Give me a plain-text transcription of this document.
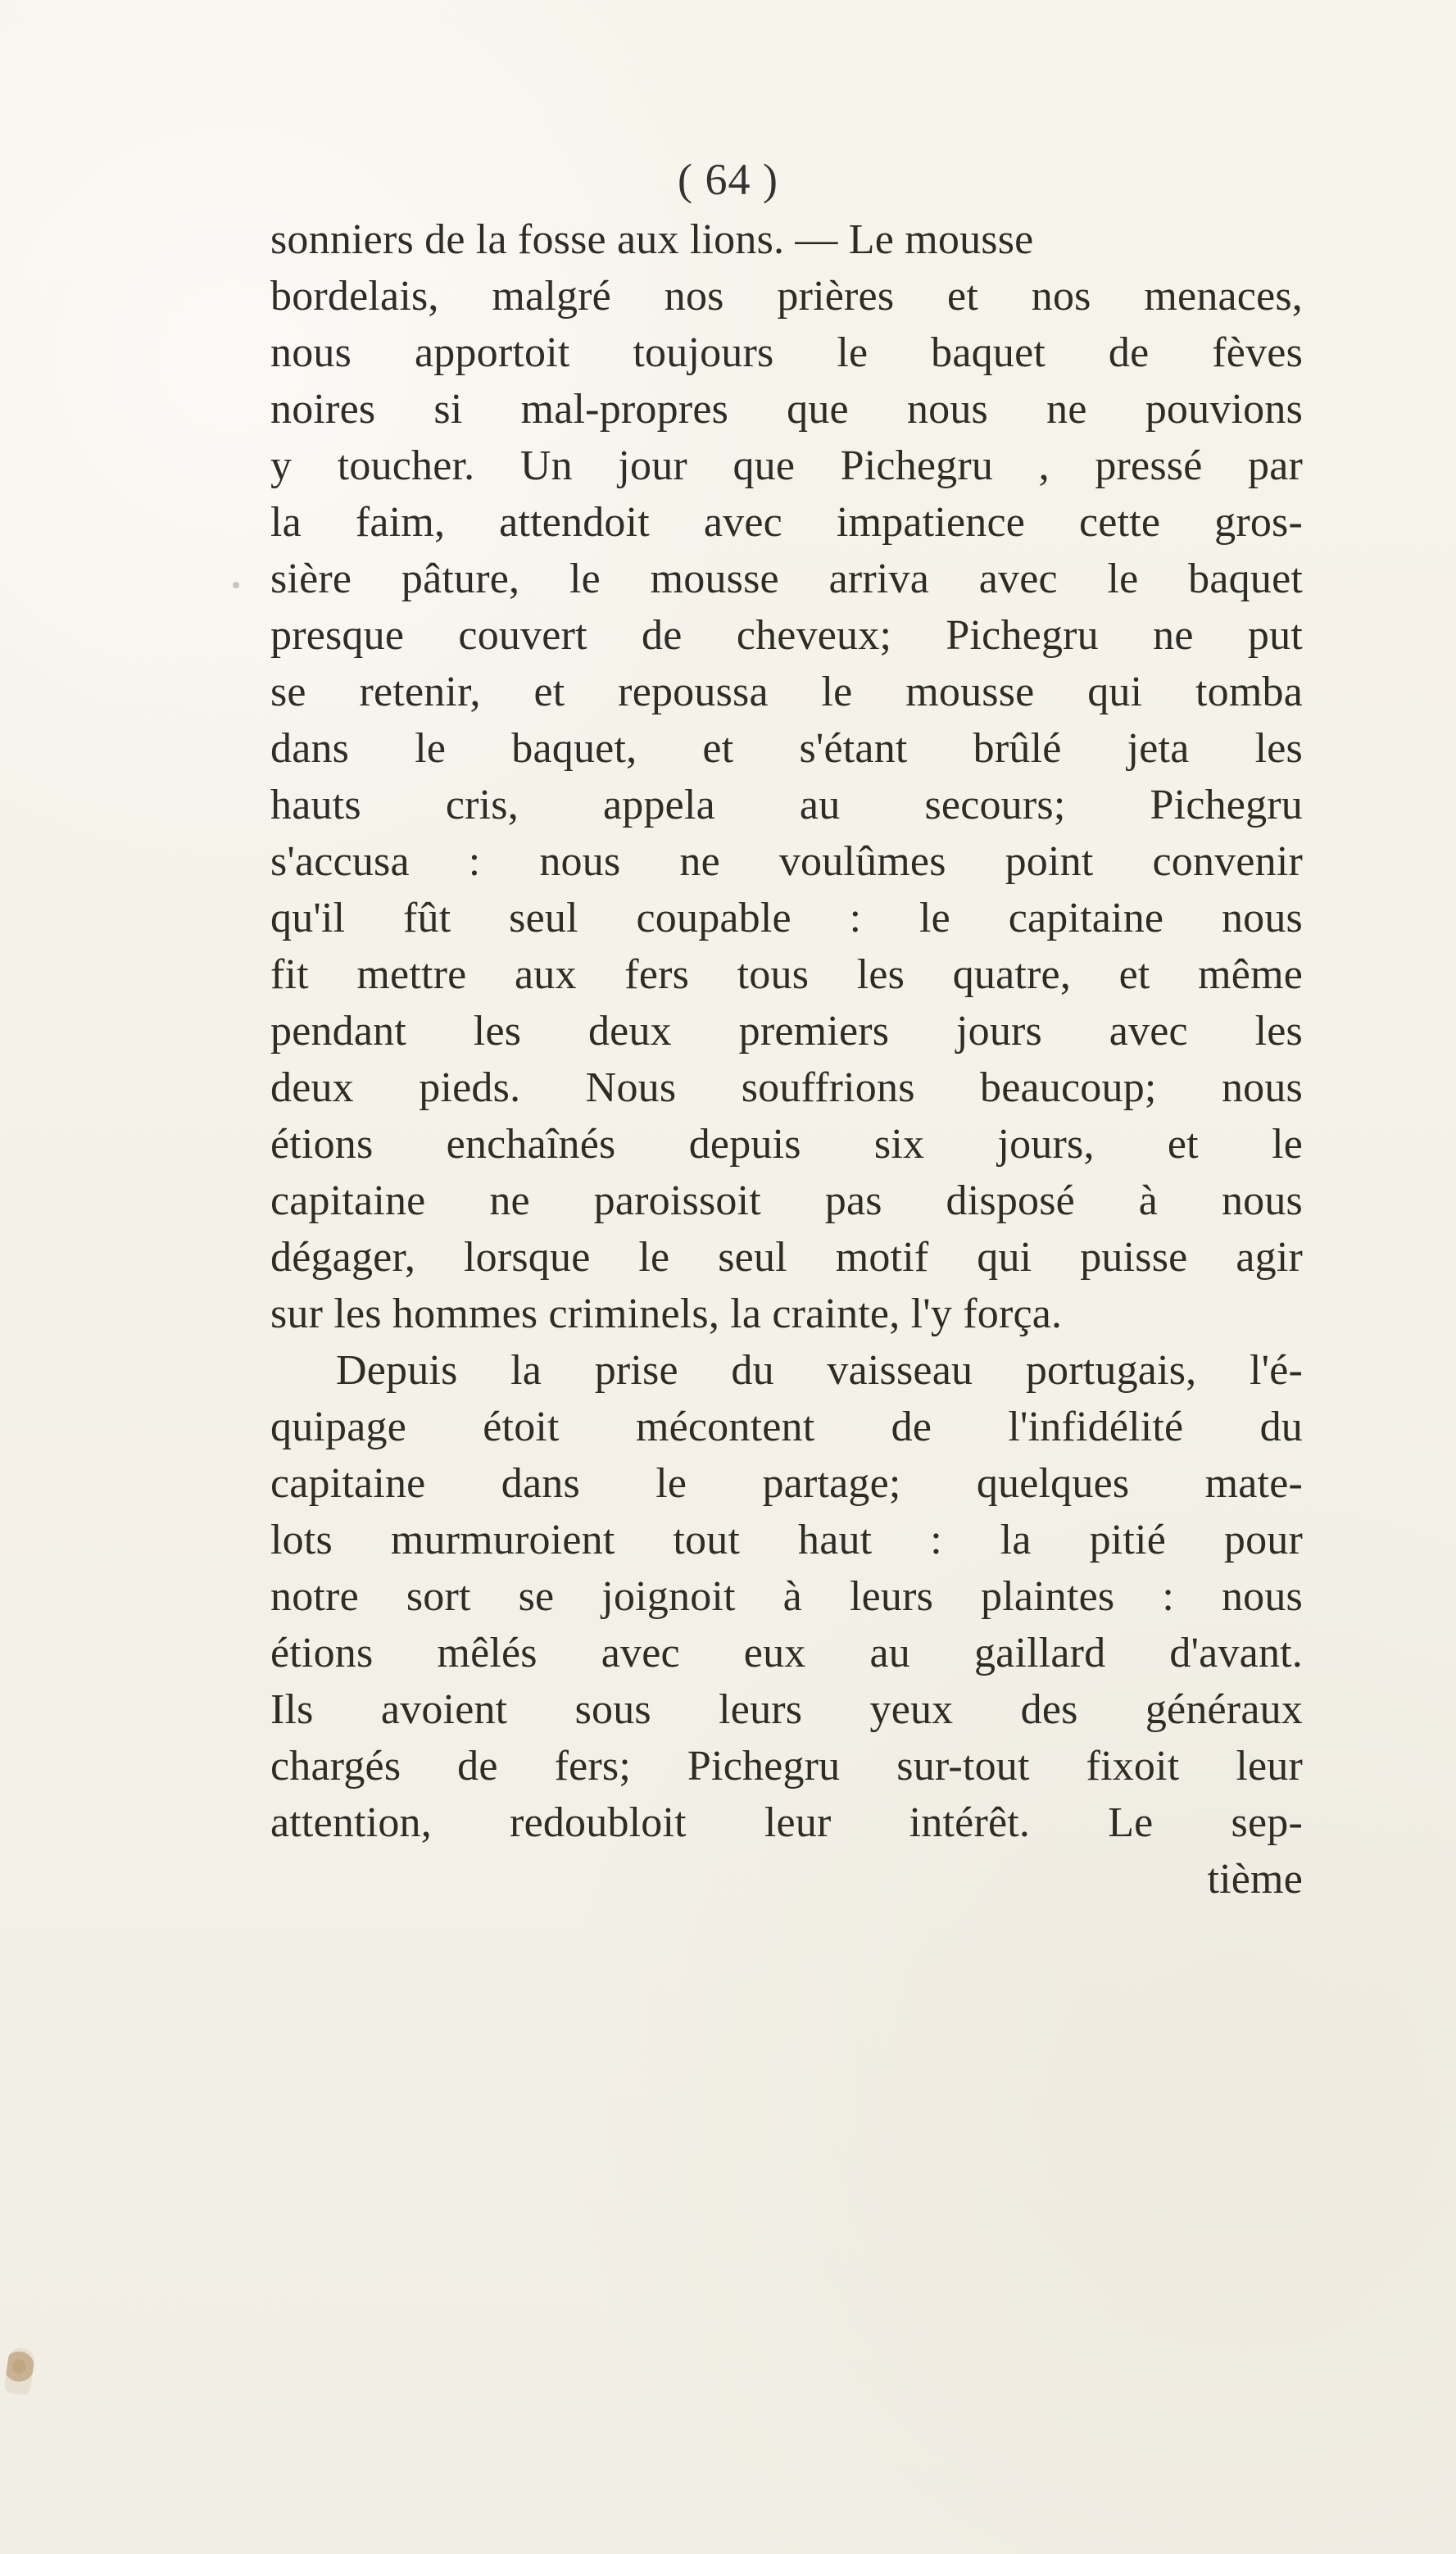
( 64 )
sonniers de la fosse aux lions. — Le mousse
bordelais, malgré nos prières et nos menaces,
nous apportoit toujours le baquet de fèves
noires si mal-propres que nous ne pouvions
y toucher. Un jour que Pichegru , pressé par
la faim, attendoit avec impatience cette gros-
sière pâture, le mousse arriva avec le baquet
presque couvert de cheveux; Pichegru ne put
se retenir, et repoussa le mousse qui tomba
dans le baquet, et s'étant brûlé jeta les
hauts cris, appela au secours; Pichegru
s'accusa : nous ne voulûmes point convenir
qu'il fût seul coupable : le capitaine nous
fit mettre aux fers tous les quatre, et même
pendant les deux premiers jours avec les
deux pieds. Nous souffrions beaucoup; nous
étions enchaînés depuis six jours, et le
capitaine ne paroissoit pas disposé à nous
dégager, lorsque le seul motif qui puisse agir
sur les hommes criminels, la crainte, l'y força.
Depuis la prise du vaisseau portugais, l'é-
quipage étoit mécontent de l'infidélité du
capitaine dans le partage; quelques mate-
lots murmuroient tout haut : la pitié pour
notre sort se joignoit à leurs plaintes : nous
étions mêlés avec eux au gaillard d'avant.
Ils avoient sous leurs yeux des généraux
chargés de fers; Pichegru sur-tout fixoit leur
attention, redoubloit leur intérêt. Le sep-
tième
